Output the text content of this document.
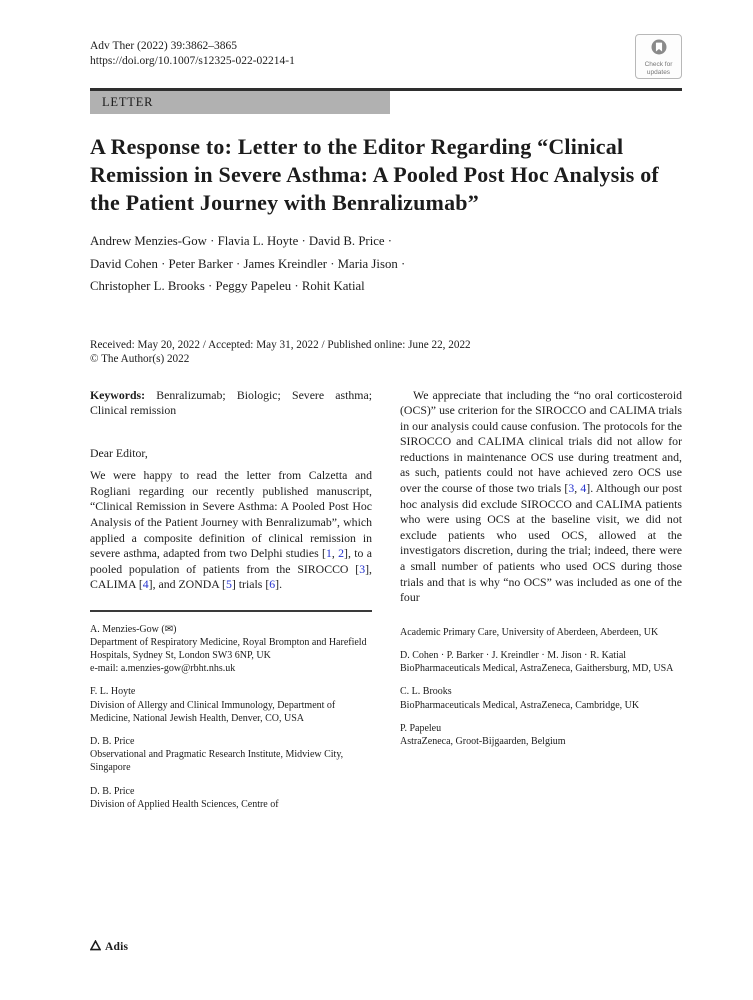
Adv Ther (2022) 39:3862–3865
https://doi.org/10.1007/s12325-022-02214-1	Check for
updates
LETTER
A Response to: Letter to the Editor Regarding “Clinical Remission in Severe Asthma: A Pooled Post Hoc Analysis of the Patient Journey with Benralizumab”
Andrew Menzies-Gow · Flavia L. Hoyte · David B. Price ·
David Cohen · Peter Barker · James Kreindler · Maria Jison ·
Christopher L. Brooks · Peggy Papeleu · Rohit Katial
Received: May 20, 2022 / Accepted: May 31, 2022 / Published online: June 22, 2022
© The Author(s) 2022

Keywords: Benralizumab; Biologic; Severe asthma; Clinical remission

Dear Editor,

We were happy to read the letter from Calzetta and Rogliani regarding our recently published manuscript, “Clinical Remission in Severe Asthma: A Pooled Post Hoc Analysis of the Patient Journey with Benralizumab”, which applied a composite definition of clinical remission in severe asthma, adapted from two Delphi studies [1, 2], to a pooled population of patients from the SIROCCO [3], CALIMA [4], and ZONDA [5] trials [6].

A. Menzies-Gow (✉)
Department of Respiratory Medicine, Royal Brompton and Harefield Hospitals, Sydney St, London SW3 6NP, UK
e-mail: a.menzies-gow@rbht.nhs.uk
F. L. Hoyte
Division of Allergy and Clinical Immunology, Department of Medicine, National Jewish Health, Denver, CO, USA
D. B. Price
Observational and Pragmatic Research Institute, Midview City, Singapore
D. B. Price
Division of Applied Health Sciences, Centre of

We appreciate that including the “no oral corticosteroid (OCS)” use criterion for the SIROCCO and CALIMA trials in our analysis could cause confusion. The protocols for the SIROCCO and CALIMA clinical trials did not allow for reductions in maintenance OCS use during treatment and, as such, patients could not have achieved zero OCS use over the course of those two trials [3, 4]. Although our post hoc analysis did exclude SIROCCO and CALIMA patients who were using OCS at the baseline visit, we did not exclude patients who used OCS, allowed at the investigators discretion, during the trial; indeed, there were a small number of patients who used OCS during those trials and that is why “no OCS” was included as one of the four

Academic Primary Care, University of Aberdeen, Aberdeen, UK
D. Cohen · P. Barker · J. Kreindler · M. Jison · R. Katial
BioPharmaceuticals Medical, AstraZeneca, Gaithersburg, MD, USA
C. L. Brooks
BioPharmaceuticals Medical, AstraZeneca, Cambridge, UK
P. Papeleu
AstraZeneca, Groot-Bijgaarden, Belgium
Adis
